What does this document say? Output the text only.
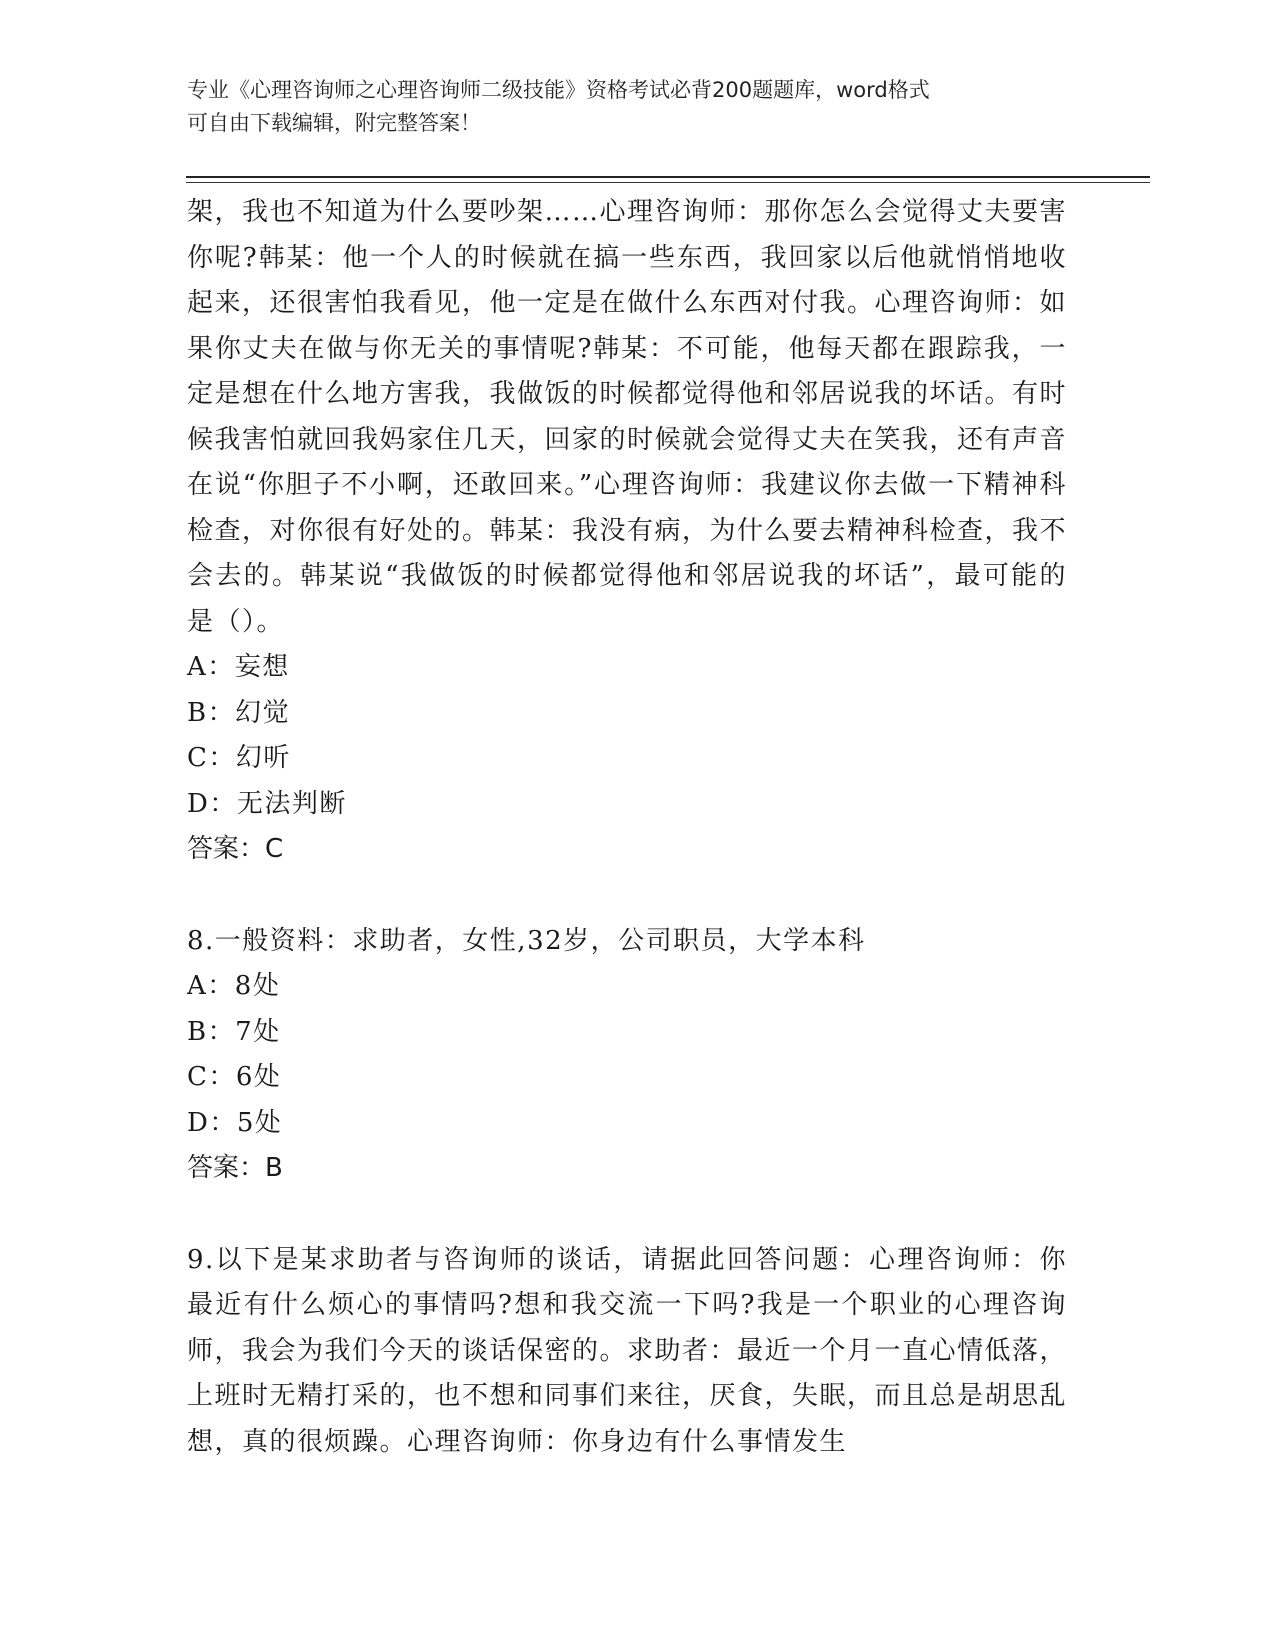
专业《心理咨询师之心理咨询师二级技能》资格考试必背200题题库，word格式
可自由下载编辑，附完整答案！

架，我也不知道为什么要吵架……心理咨询师：那你怎么会觉得丈夫要害你呢?韩某：他一个人的时候就在搞一些东西，我回家以后他就悄悄地收起来，还很害怕我看见，他一定是在做什么东西对付我。心理咨询师：如果你丈夫在做与你无关的事情呢?韩某：不可能，他每天都在跟踪我，一定是想在什么地方害我，我做饭的时候都觉得他和邻居说我的坏话。有时候我害怕就回我妈家住几天，回家的时候就会觉得丈夫在笑我，还有声音在说“你胆子不小啊，还敢回来。”心理咨询师：我建议你去做一下精神科检查，对你很有好处的。韩某：我没有病，为什么要去精神科检查，我不会去的。韩某说“我做饭的时候都觉得他和邻居说我的坏话”，最可能的是（）。

A：妄想

B：幻觉

C：幻听

D：无法判断

答案：C

8.一般资料：求助者，女性,32岁，公司职员，大学本科

A：8处

B：7处

C：6处

D：5处

答案：B

9.以下是某求助者与咨询师的谈话，请据此回答问题：心理咨询师：你最近有什么烦心的事情吗?想和我交流一下吗?我是一个职业的心理咨询师，我会为我们今天的谈话保密的。求助者：最近一个月一直心情低落，上班时无精打采的，也不想和同事们来往，厌食，失眠，而且总是胡思乱想，真的很烦躁。心理咨询师：你身边有什么事情发生
